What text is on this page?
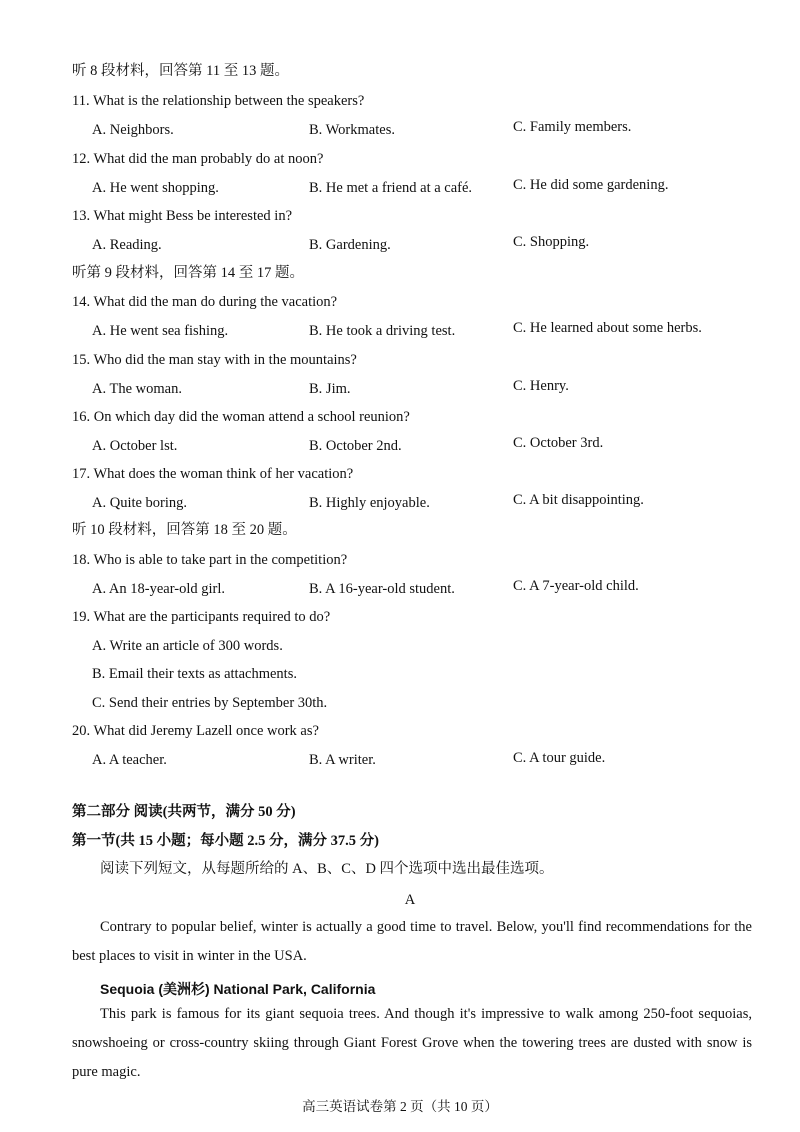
听 8 段材料，回答第 11 至 13 题。
11. What is the relationship between the speakers?
A. Neighbors.	B. Workmates.	C. Family members.
12. What did the man probably do at noon?
A. He went shopping.	B. He met a friend at a café.	C. He did some gardening.
13. What might Bess be interested in?
A. Reading.	B. Gardening.	C. Shopping.
听第 9 段材料，回答第 14 至 17 题。
14. What did the man do during the vacation?
A. He went sea fishing.	B. He took a driving test.	C. He learned about some herbs.
15. Who did the man stay with in the mountains?
A. The woman.	B. Jim.	C. Henry.
16. On which day did the woman attend a school reunion?
A. October lst.	B. October 2nd.	C. October 3rd.
17. What does the woman think of her vacation?
A. Quite boring.	B. Highly enjoyable.	C. A bit disappointing.
听 10 段材料，回答第 18 至 20 题。
18. Who is able to take part in the competition?
A. An 18-year-old girl.	B. A 16-year-old student.	C. A 7-year-old child.
19. What are the participants required to do?
A. Write an article of 300 words.
B. Email their texts as attachments.
C. Send their entries by September 30th.
20. What did Jeremy Lazell once work as?
A. A teacher.	B. A writer.	C. A tour guide.
第二部分 阅读(共两节，满分 50 分)
第一节(共 15 小题；每小题 2.5 分，满分 37.5 分)
阅读下列短文，从每题所给的 A、B、C、D 四个选项中选出最佳选项。
A
Contrary to popular belief, winter is actually a good time to travel. Below, you'll find recommendations for the best places to visit in winter in the USA.
Sequoia (美洲杉) National Park, California
This park is famous for its giant sequoia trees. And though it's impressive to walk among 250-foot sequoias, snowshoeing or cross-country skiing through Giant Forest Grove when the towering trees are dusted with snow is pure magic.
高三英语试卷第 2 页（共 10 页）
